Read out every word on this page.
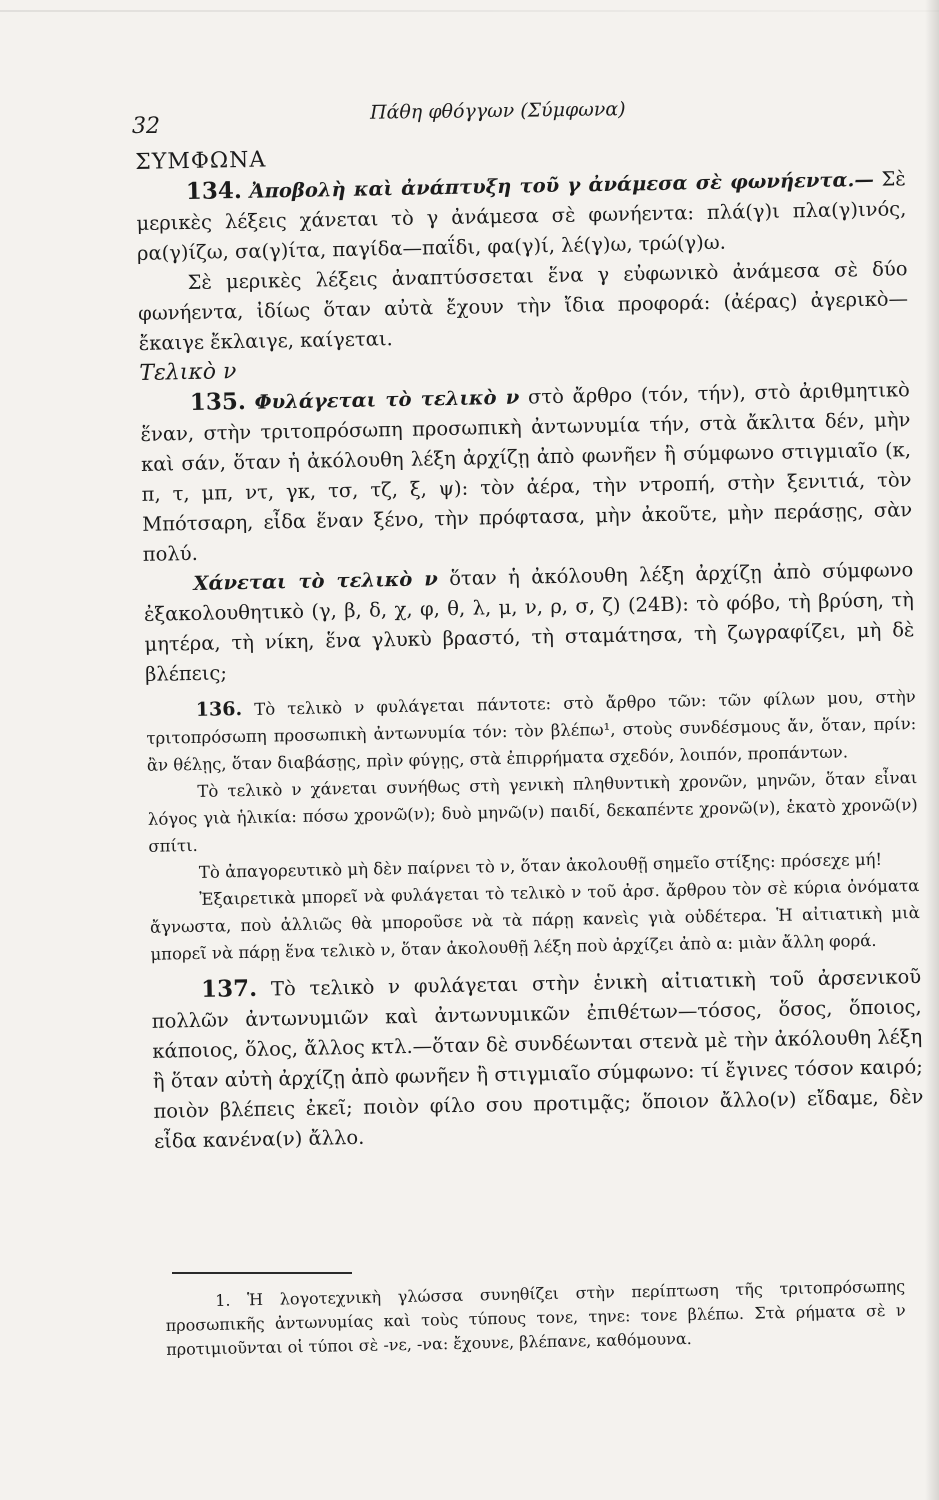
32
Πάθη φθόγγων (Σύμφωνα)

ΣΥΜΦΩΝΑ

134. Ἀποβολὴ καὶ ἀνάπτυξη τοῦ γ ἀνάμεσα σὲ φωνήεντα.— Σὲ μερικὲς λέξεις χάνεται τὸ γ ἀνάμεσα σὲ φωνήεντα: πλά(γ)ι πλα(γ)ινός, ρα(γ)ίζω, σα(γ)ίτα, παγίδα—παΐδι, φα(γ)ί, λέ(γ)ω, τρώ(γ)ω.

Σὲ μερικὲς λέξεις ἀναπτύσσεται ἕνα γ εὐφωνικὸ ἀνάμεσα σὲ δύο φωνήεντα, ἰδίως ὅταν αὐτὰ ἔχουν τὴν ἴδια προφορά: (ἀέρας) ἀγερικὸ—ἔκαιγε ἔκλαιγε, καίγεται.

Τελικὸ ν

135. Φυλάγεται τὸ τελικὸ ν στὸ ἄρθρο (τόν, τήν), στὸ ἀριθμητικὸ ἕναν, στὴν τριτοπρόσωπη προσωπικὴ ἀντωνυμία τήν, στὰ ἄκλιτα δέν, μὴν καὶ σάν, ὅταν ἡ ἀκόλουθη λέξη ἀρχίζῃ ἀπὸ φωνῆεν ἢ σύμφωνο στιγμιαῖο (κ, π, τ, μπ, ντ, γκ, τσ, τζ, ξ, ψ): τὸν ἀέρα, τὴν ντροπή, στὴν ξενιτιά, τὸν Μπότσαρη, εἶδα ἕναν ξένο, τὴν πρόφτασα, μὴν ἀκοῦτε, μὴν περάσῃς, σὰν πολύ.

Χάνεται τὸ τελικὸ ν ὅταν ἡ ἀκόλουθη λέξη ἀρχίζῃ ἀπὸ σύμφωνο ἐξακολουθητικὸ (γ, β, δ, χ, φ, θ, λ, μ, ν, ρ, σ, ζ) (24Β): τὸ φόβο, τὴ βρύση, τὴ μητέρα, τὴ νίκη, ἕνα γλυκὺ βραστό, τὴ σταμάτησα, τὴ ζωγραφίζει, μὴ δὲ βλέπεις;

136. Τὸ τελικὸ ν φυλάγεται πάντοτε: στὸ ἄρθρο τῶν: τῶν φίλων μου, στὴν τριτοπρόσωπη προσωπικὴ ἀντωνυμία τόν: τὸν βλέπω¹, στοὺς συνδέσμους ἄν, ὅταν, πρίν: ἂν θέλῃς, ὅταν διαβάσῃς, πρὶν φύγῃς, στὰ ἐπιρρήματα σχεδόν, λοιπόν, προπάντων.

Τὸ τελικὸ ν χάνεται συνήθως στὴ γενικὴ πληθυντικὴ χρονῶν, μηνῶν, ὅταν εἶναι λόγος γιὰ ἡλικία: πόσω χρονῶ(ν); δυὸ μηνῶ(ν) παιδί, δεκαπέντε χρονῶ(ν), ἑκατὸ χρονῶ(ν) σπίτι.

Τὸ ἀπαγορευτικὸ μὴ δὲν παίρνει τὸ ν, ὅταν ἀκολουθῇ σημεῖο στίξης: πρόσεχε μή!

Ἐξαιρετικὰ μπορεῖ νὰ φυλάγεται τὸ τελικὸ ν τοῦ ἀρσ. ἄρθρου τὸν σὲ κύρια ὀνόματα ἄγνωστα, ποὺ ἀλλιῶς θὰ μποροῦσε νὰ τὰ πάρῃ κανεὶς γιὰ οὐδέτερα. Ἡ αἰτιατικὴ μιὰ μπορεῖ νὰ πάρῃ ἕνα τελικὸ ν, ὅταν ἀκολουθῇ λέξη ποὺ ἀρχίζει ἀπὸ α: μιὰν ἄλλη φορά.

137. Τὸ τελικὸ ν φυλάγεται στὴν ἑνικὴ αἰτιατικὴ τοῦ ἀρσενικοῦ πολλῶν ἀντωνυμιῶν καὶ ἀντωνυμικῶν ἐπιθέτων—τόσος, ὅσος, ὅποιος, κάποιος, ὅλος, ἄλλος κτλ.—ὅταν δὲ συνδέωνται στενὰ μὲ τὴν ἀκόλουθη λέξη ἢ ὅταν αὐτὴ ἀρχίζῃ ἀπὸ φωνῆεν ἢ στιγμιαῖο σύμφωνο: τί ἔγινες τόσον καιρό; ποιὸν βλέπεις ἐκεῖ; ποιὸν φίλο σου προτιμᾷς; ὅποιον ἄλλο(ν) εἴδαμε, δὲν εἶδα κανένα(ν) ἄλλο.

1. Ἡ λογοτεχνικὴ γλώσσα συνηθίζει στὴν περίπτωση τῆς τριτοπρόσωπης προσωπικῆς ἀντωνυμίας καὶ τοὺς τύπους τονε, τηνε: τονε βλέπω. Στὰ ρήματα σὲ ν προτιμιοῦνται οἱ τύποι σὲ -νε, -να: ἔχουνε, βλέπανε, καθόμουνα.
